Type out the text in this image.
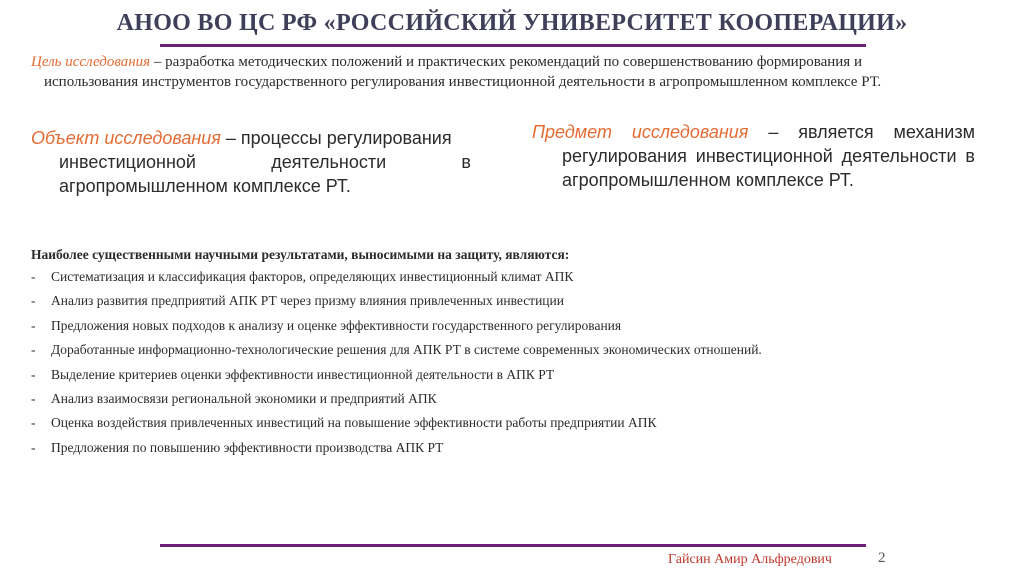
АНОО ВО ЦС РФ «РОССИЙСКИЙ УНИВЕРСИТЕТ КООПЕРАЦИИ»
Цель исследования – разработка методических положений и практических рекомендаций по совершенствованию формирования и
использования инструментов государственного регулирования инвестиционной деятельности в агропромышленном комплексе РТ.
Объект исследования – процессы регулирования
инвестиционной деятельности в
агропромышленном комплексе РТ.
Предмет исследования – является механизм
регулирования инвестиционной деятельности в агропромышленном комплексе РТ.
Наиболее существенными научными результатами, выносимыми на защиту, являются:
- Систематизация и классификация факторов, определяющих инвестиционный климат АПК
- Анализ развития предприятий АПК РТ через призму влияния привлеченных инвестиции
- Предложения новых подходов к анализу и оценке эффективности государственного регулирования
- Доработанные информационно-технологические решения для АПК РТ в системе современных экономических отношений.
- Выделение критериев оценки эффективности инвестиционной деятельности в АПК РТ
- Анализ взаимосвязи региональной экономики и предприятий АПК
- Оценка воздействия привлеченных инвестиций на повышение эффективности работы предприятии АПК
- Предложения по повышению эффективности производства АПК РТ
Гайсин Амир Альфредович	2
